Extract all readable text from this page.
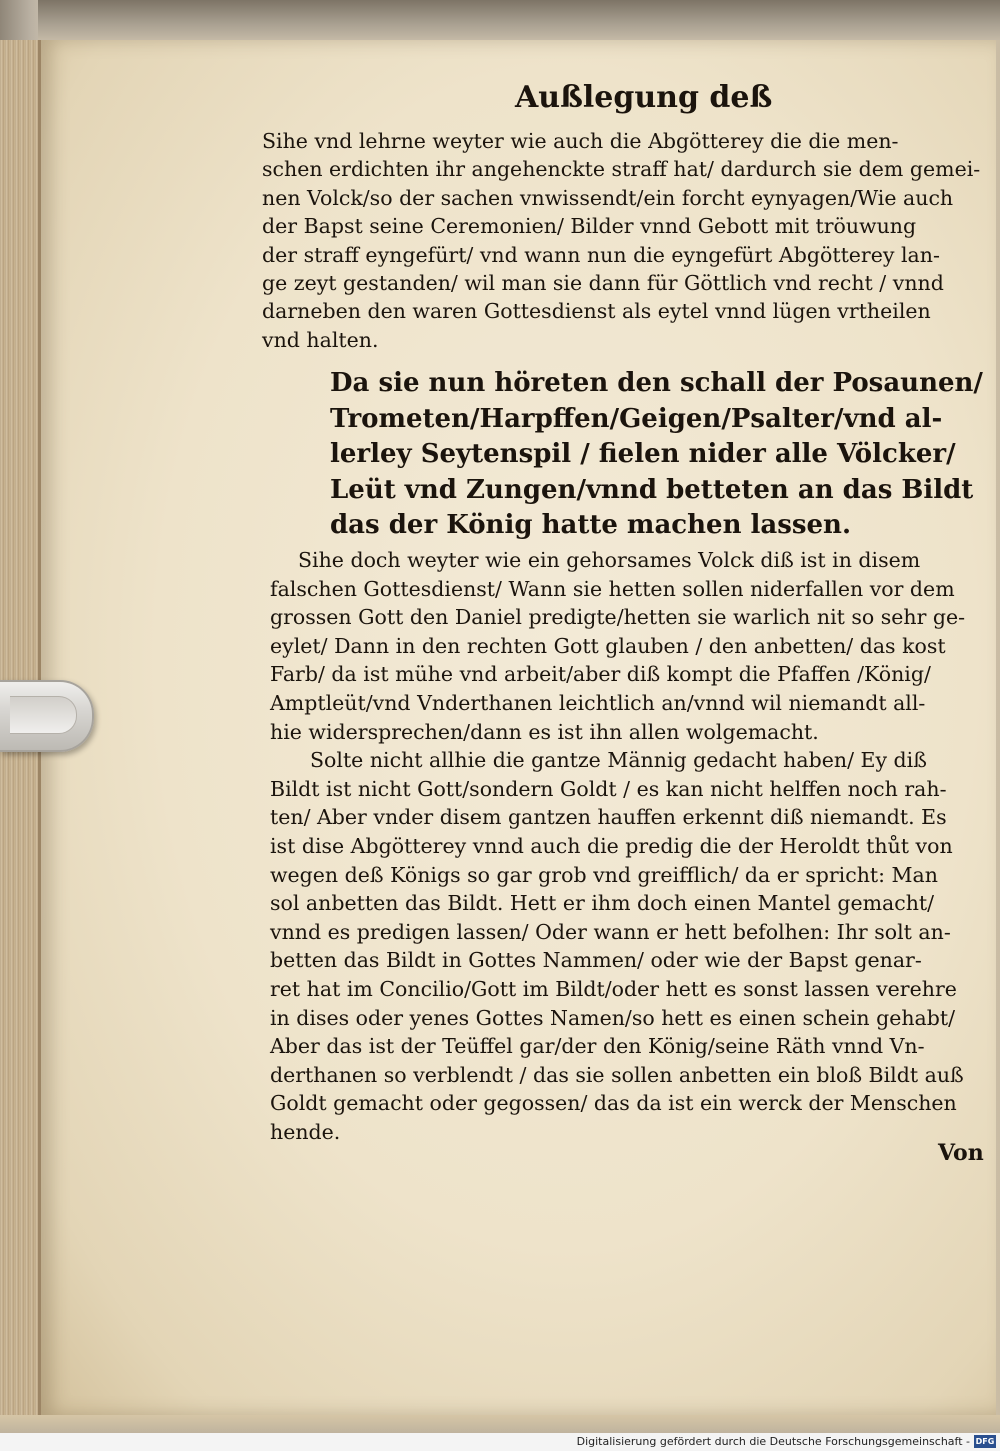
Außlegung deß
Sihe vnd lehrne weyter wie auch die Abgötterey die die men-
schen erdichten ihr angehenckte straff hat/ dardurch sie dem gemei-
nen Volck/so der sachen vnwissendt/ein forcht eynyagen/Wie auch
der Bapst seine Ceremonien/ Bilder vnnd Gebott mit tröuwung
der straff eyngefürt/ vnd wann nun die eyngefürt Abgötterey lan-
ge zeyt gestanden/ wil man sie dann für Göttlich vnd recht / vnnd
darneben den waren Gottesdienst als eytel vnnd lügen vrtheilen
vnd halten.
Da sie nun höreten den schall der Posaunen/
Trometen/Harpffen/Geigen/Psalter/vnd al-
lerley Seytenspil / fielen nider alle Völcker/
Leüt vnd Zungen/vnnd betteten an das Bildt
das der König hatte machen lassen.
Sihe doch weyter wie ein gehorsames Volck diß ist in disem
falschen Gottesdienst/ Wann sie hetten sollen niderfallen vor dem
grossen Gott den Daniel predigte/hetten sie warlich nit so sehr ge-
eylet/ Dann in den rechten Gott glauben / den anbetten/ das kost
Farb/ da ist mühe vnd arbeit/aber diß kompt die Pfaffen /König/
Amptleüt/vnd Vnderthanen leichtlich an/vnnd wil niemandt all-
hie widersprechen/dann es ist ihn allen wolgemacht.
Solte nicht allhie die gantze Männig gedacht haben/ Ey diß
Bildt ist nicht Gott/sondern Goldt / es kan nicht helffen noch rah-
ten/ Aber vnder disem gantzen hauffen erkennt diß niemandt. Es
ist dise Abgötterey vnnd auch die predig die der Heroldt thůt von
wegen deß Königs so gar grob vnd greifflich/ da er spricht: Man
sol anbetten das Bildt. Hett er ihm doch einen Mantel gemacht/
vnnd es predigen lassen/ Oder wann er hett befolhen: Ihr solt an-
betten das Bildt in Gottes Nammen/ oder wie der Bapst genar-
ret hat im Concilio/Gott im Bildt/oder hett es sonst lassen verehre
in dises oder yenes Gottes Namen/so hett es einen schein gehabt/
Aber das ist der Teüffel gar/der den König/seine Räth vnnd Vn-
derthanen so verblendt / das sie sollen anbetten ein bloß Bildt auß
Goldt gemacht oder gegossen/ das da ist ein werck der Menschen
hende.
Von
Digitalisierung gefördert durch die Deutsche Forschungsgemeinschaft - DFG
